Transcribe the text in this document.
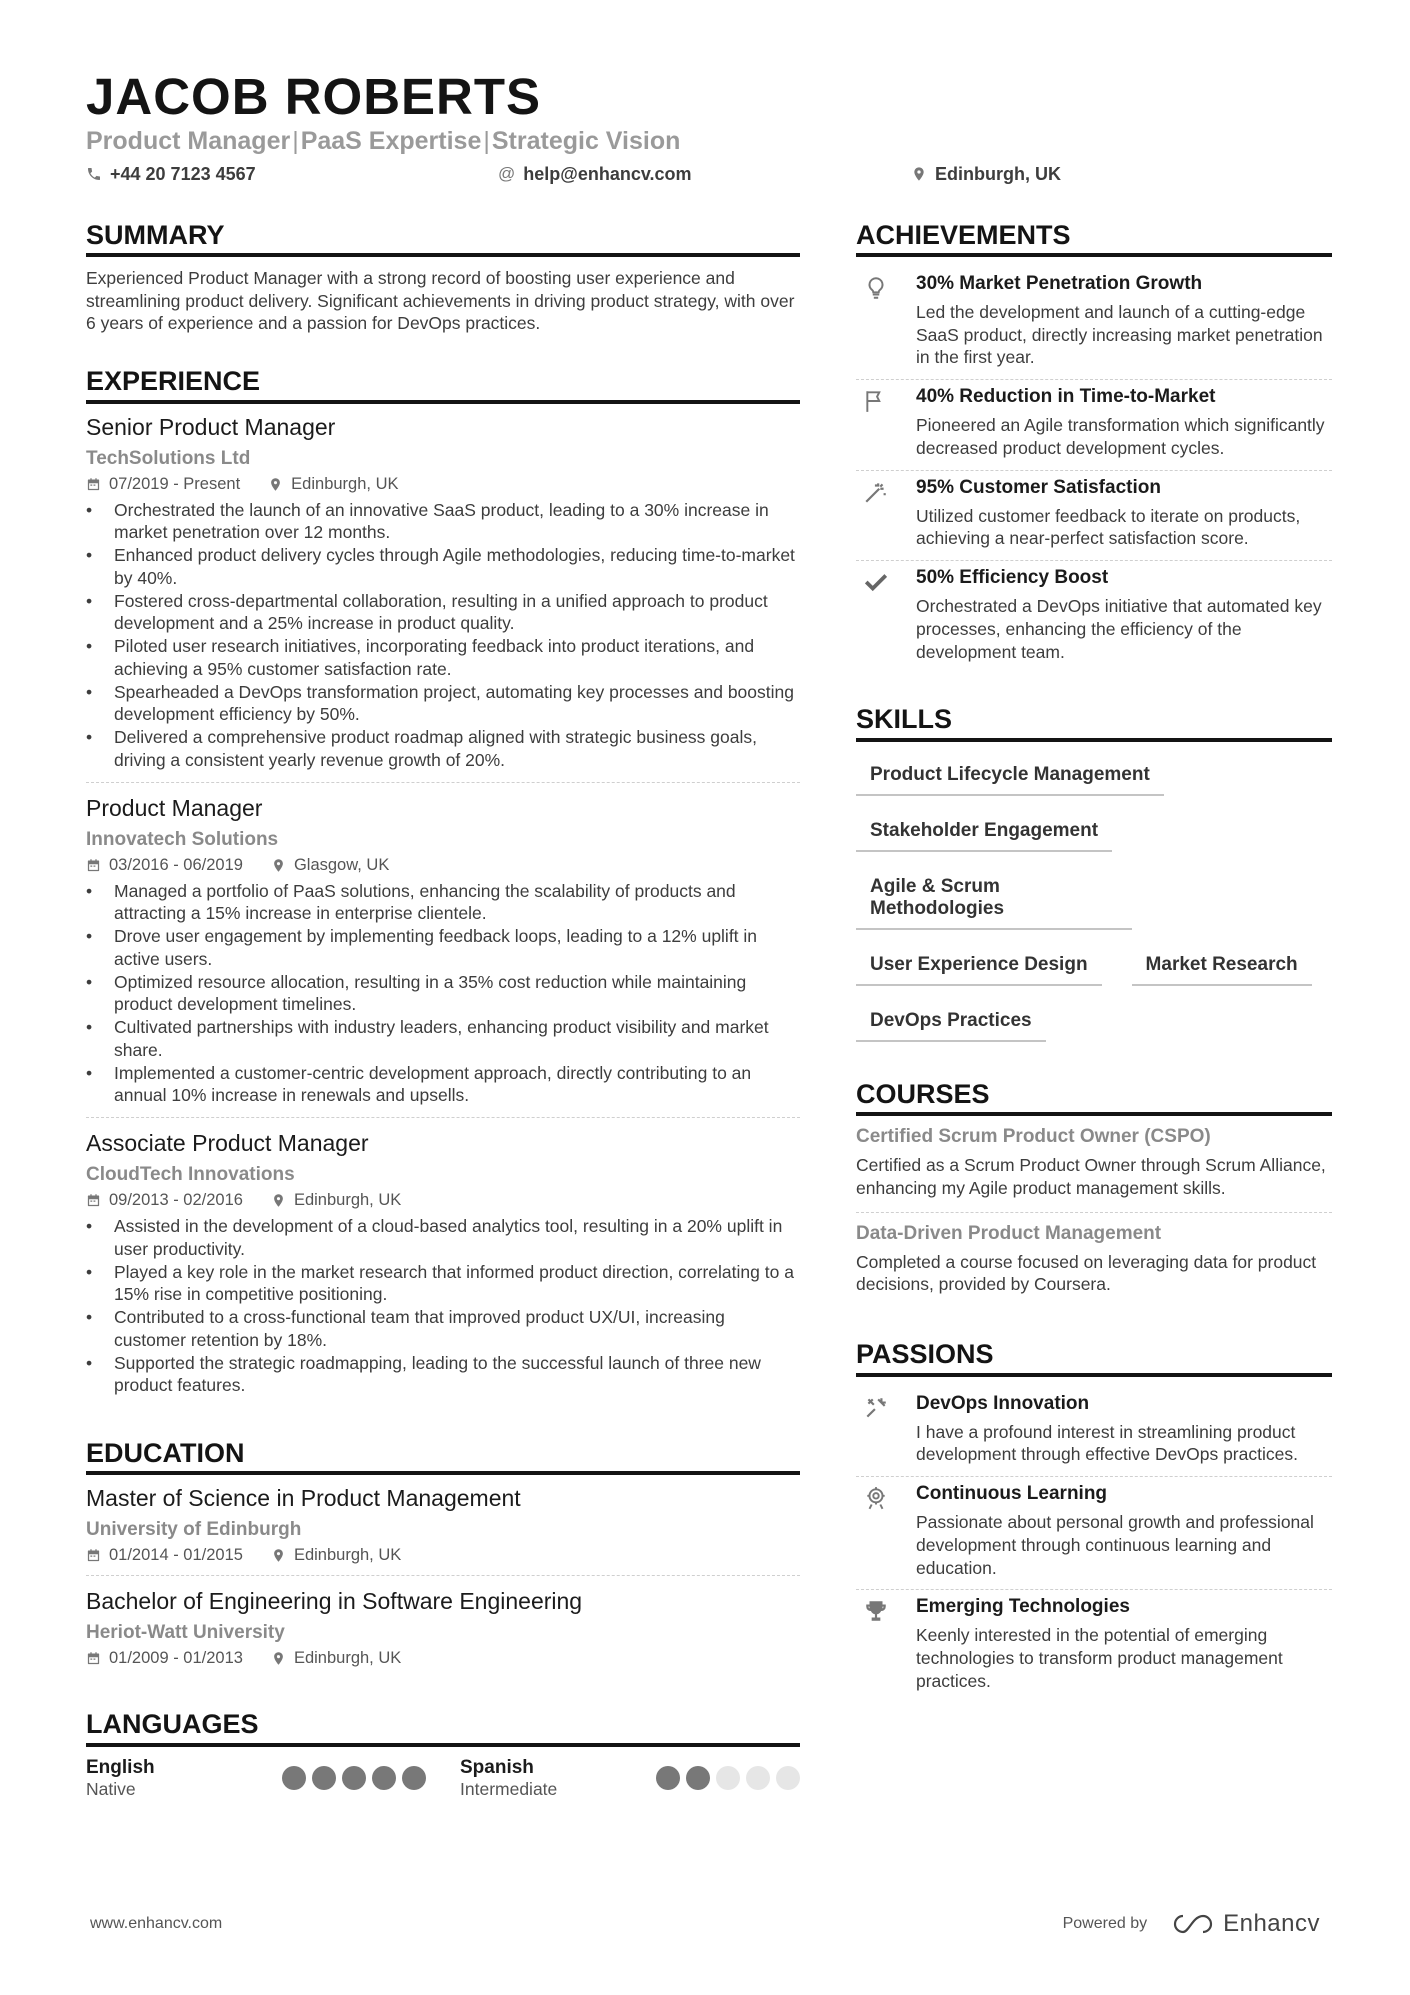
JACOB ROBERTS
Product Manager|PaaS Expertise|Strategic Vision
+44 20 7123 4567	@ help@enhancv.com	Edinburgh, UK
SUMMARY
Experienced Product Manager with a strong record of boosting user experience and streamlining product delivery. Significant achievements in driving product strategy, with over 6 years of experience and a passion for DevOps practices.
EXPERIENCE
Senior Product Manager
TechSolutions Ltd
07/2019 - Present	Edinburgh, UK
• Orchestrated the launch of an innovative SaaS product, leading to a 30% increase in market penetration over 12 months.
• Enhanced product delivery cycles through Agile methodologies, reducing time-to-market by 40%.
• Fostered cross-departmental collaboration, resulting in a unified approach to product development and a 25% increase in product quality.
• Piloted user research initiatives, incorporating feedback into product iterations, and achieving a 95% customer satisfaction rate.
• Spearheaded a DevOps transformation project, automating key processes and boosting development efficiency by 50%.
• Delivered a comprehensive product roadmap aligned with strategic business goals, driving a consistent yearly revenue growth of 20%.
Product Manager
Innovatech Solutions
03/2016 - 06/2019	Glasgow, UK
• Managed a portfolio of PaaS solutions, enhancing the scalability of products and attracting a 15% increase in enterprise clientele.
• Drove user engagement by implementing feedback loops, leading to a 12% uplift in active users.
• Optimized resource allocation, resulting in a 35% cost reduction while maintaining product development timelines.
• Cultivated partnerships with industry leaders, enhancing product visibility and market share.
• Implemented a customer-centric development approach, directly contributing to an annual 10% increase in renewals and upsells.
Associate Product Manager
CloudTech Innovations
09/2013 - 02/2016	Edinburgh, UK
• Assisted in the development of a cloud-based analytics tool, resulting in a 20% uplift in user productivity.
• Played a key role in the market research that informed product direction, correlating to a 15% rise in competitive positioning.
• Contributed to a cross-functional team that improved product UX/UI, increasing customer retention by 18%.
• Supported the strategic roadmapping, leading to the successful launch of three new product features.
EDUCATION
Master of Science in Product Management
University of Edinburgh
01/2014 - 01/2015	Edinburgh, UK
Bachelor of Engineering in Software Engineering
Heriot-Watt University
01/2009 - 01/2013	Edinburgh, UK
LANGUAGES
English
Native
Spanish
Intermediate
ACHIEVEMENTS
30% Market Penetration Growth
Led the development and launch of a cutting-edge SaaS product, directly increasing market penetration in the first year.
40% Reduction in Time-to-Market
Pioneered an Agile transformation which significantly decreased product development cycles.
95% Customer Satisfaction
Utilized customer feedback to iterate on products, achieving a near-perfect satisfaction score.
50% Efficiency Boost
Orchestrated a DevOps initiative that automated key processes, enhancing the efficiency of the development team.
SKILLS
Product Lifecycle Management
Stakeholder Engagement
Agile & Scrum Methodologies
User Experience Design	Market Research
DevOps Practices
COURSES
Certified Scrum Product Owner (CSPO)
Certified as a Scrum Product Owner through Scrum Alliance, enhancing my Agile product management skills.
Data-Driven Product Management
Completed a course focused on leveraging data for product decisions, provided by Coursera.
PASSIONS
DevOps Innovation
I have a profound interest in streamlining product development through effective DevOps practices.
Continuous Learning
Passionate about personal growth and professional development through continuous learning and education.
Emerging Technologies
Keenly interested in the potential of emerging technologies to transform product management practices.
www.enhancv.com	Powered by	Enhancv
